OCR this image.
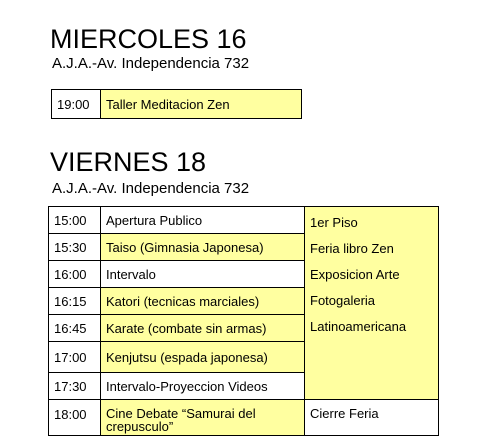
MIERCOLES 16
A.J.A.-Av. Independencia 732
19:00	Taller Meditacion Zen
VIERNES 18
A.J.A.-Av. Independencia 732
15:00	Apertura Publico	1er Piso
Feria libro Zen
Exposicion Arte
Fotogaleria
Latinoamericana

15:30	Taiso (Gimnasia Japonesa)	
16:00	Intervalo	
16:15	Katori (tecnicas marciales)	
16:45	Karate (combate sin armas)	
17:00	Kenjutsu (espada japonesa)	
17:30	Intervalo-Proyeccion Videos	
18:00	Cine Debate “Samurai del crepusculo”	Cierre Feria
